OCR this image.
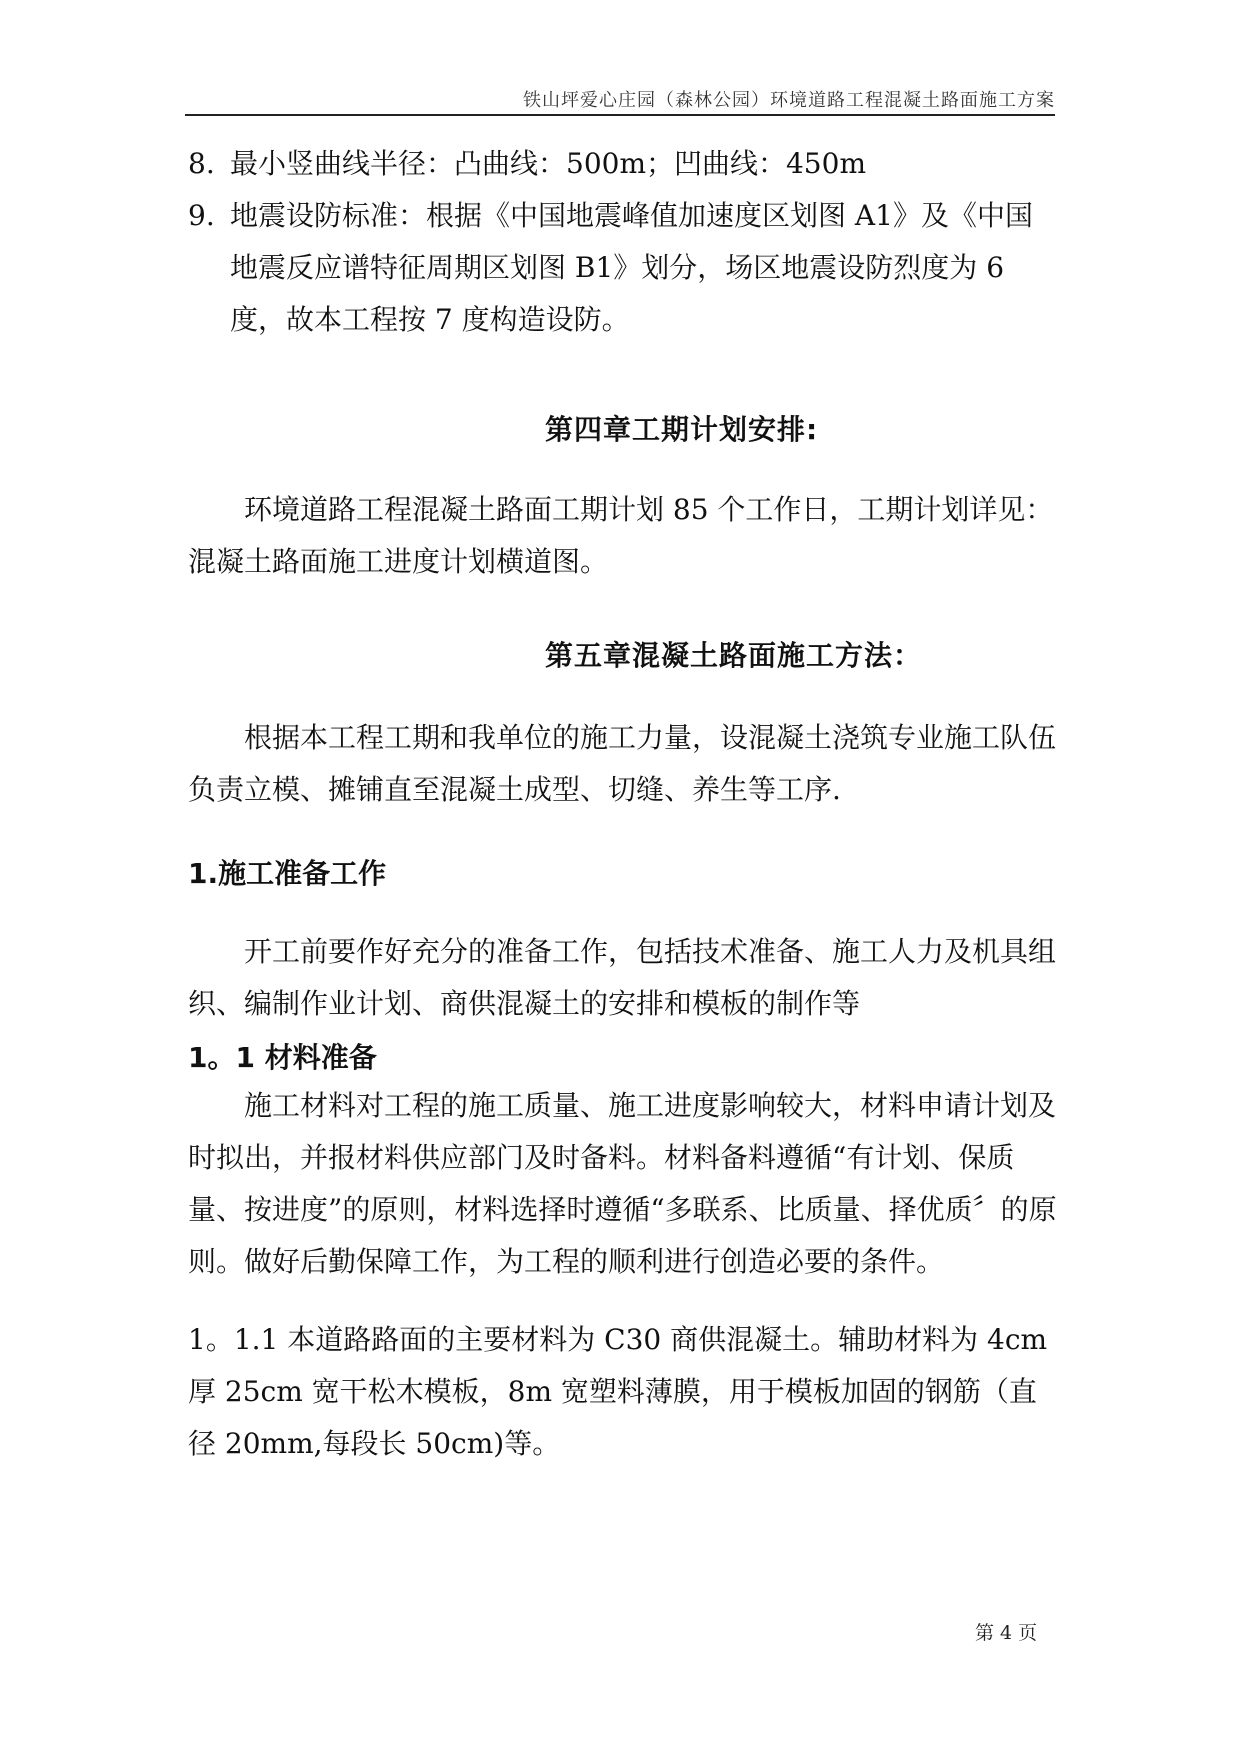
铁山坪爱心庄园（森林公园）环境道路工程混凝土路面施工方案
8. 最小竖曲线半径：凸曲线：500m；凹曲线：450m
9. 地震设防标准：根据《中国地震峰值加速度区划图 A1》及《中国地震反应谱特征周期区划图 B1》划分，场区地震设防烈度为 6 度，故本工程按 7 度构造设防。
第四章工期计划安排:
环境道路工程混凝土路面工期计划 85 个工作日，工期计划详见：混凝土路面施工进度计划横道图。
第五章混凝土路面施工方法：
根据本工程工期和我单位的施工力量，设混凝土浇筑专业施工队伍负责立模、摊铺直至混凝土成型、切缝、养生等工序.
1.施工准备工作
开工前要作好充分的准备工作，包括技术准备、施工人力及机具组织、编制作业计划、商供混凝土的安排和模板的制作等
1。1 材料准备
施工材料对工程的施工质量、施工进度影响较大，材料申请计划及时拟出，并报材料供应部门及时备料。材料备料遵循“有计划、保质量、按进度”的原则，材料选择时遵循“多联系、比质量、择优质〞的原则。做好后勤保障工作，为工程的顺利进行创造必要的条件。
1。1.1 本道路路面的主要材料为 C30 商供混凝土。辅助材料为 4cm 厚 25cm 宽干松木模板，8m 宽塑料薄膜，用于模板加固的钢筋（直径 20mm,每段长 50cm)等。
第 4 页
